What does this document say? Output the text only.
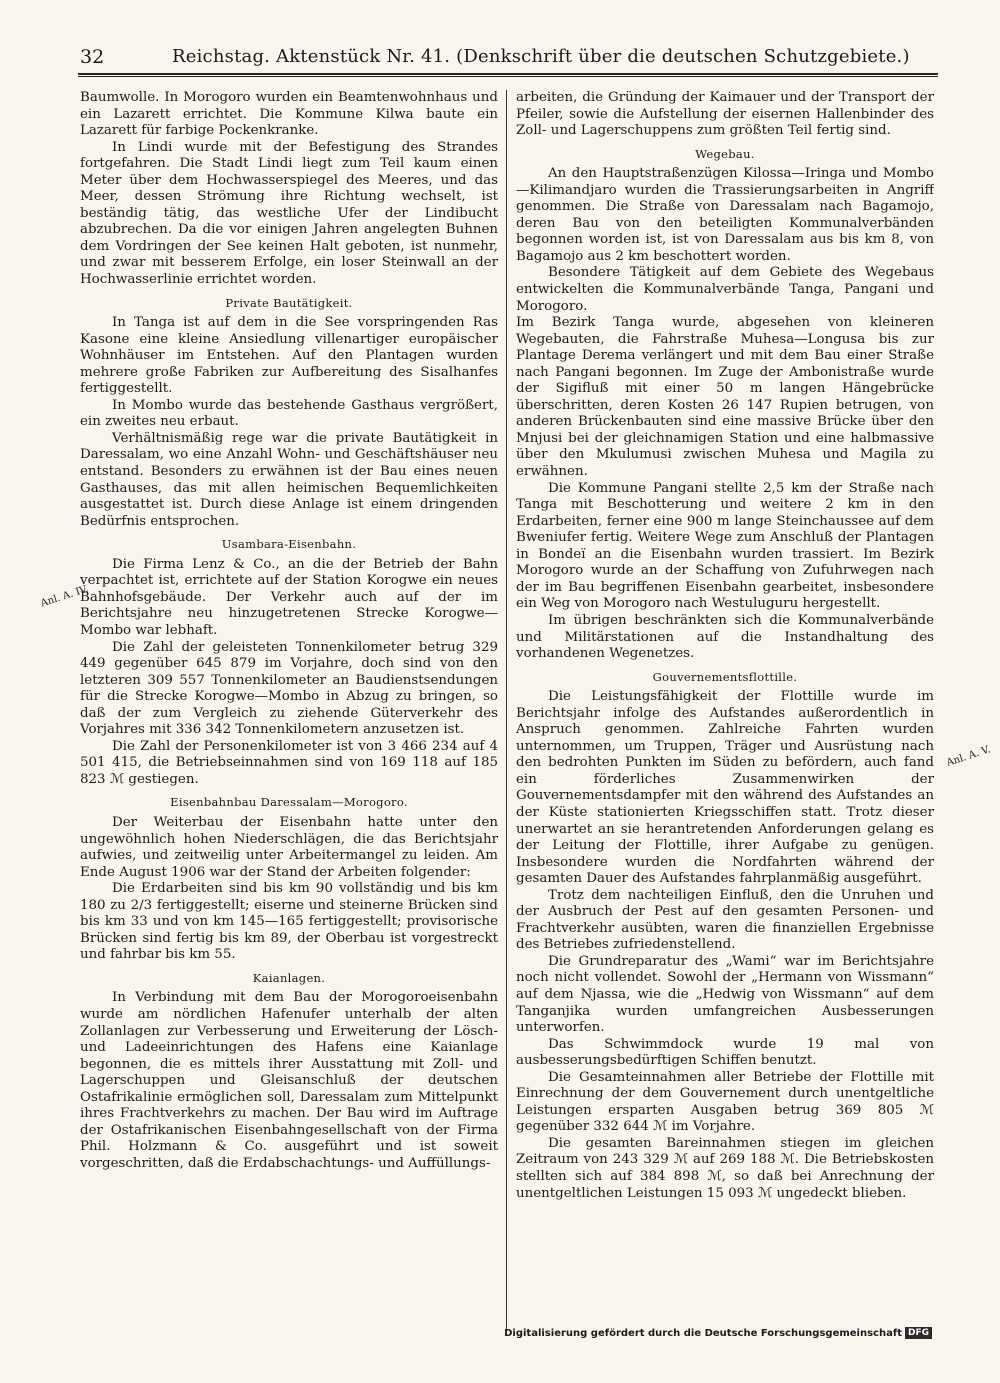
32	Reichstag. Aktenstück Nr. 41. (Denkschrift über die deutschen Schutzgebiete.)
Anl. A. IV.
Anl. A. V.

Baumwolle. In Morogoro wurden ein Beamtenwohnhaus und ein Lazarett errichtet. Die Kommune Kilwa baute ein Lazarett für farbige Pockenkranke.

In Lindi wurde mit der Befestigung des Strandes fortgefahren. Die Stadt Lindi liegt zum Teil kaum einen Meter über dem Hochwasserspiegel des Meeres, und das Meer, dessen Strömung ihre Richtung wechselt, ist beständig tätig, das westliche Ufer der Lindibucht abzubrechen. Da die vor einigen Jahren angelegten Buhnen dem Vordringen der See keinen Halt geboten, ist nunmehr, und zwar mit besserem Erfolge, ein loser Steinwall an der Hochwasserlinie errichtet worden.

Private Bautätigkeit.

In Tanga ist auf dem in die See vorspringenden Ras Kasone eine kleine Ansiedlung villenartiger europäischer Wohnhäuser im Entstehen. Auf den Plantagen wurden mehrere große Fabriken zur Aufbereitung des Sisalhanfes fertiggestellt.

In Mombo wurde das bestehende Gasthaus vergrößert, ein zweites neu erbaut.

Verhältnismäßig rege war die private Bautätigkeit in Daressalam, wo eine Anzahl Wohn- und Geschäftshäuser neu entstand. Besonders zu erwähnen ist der Bau eines neuen Gasthauses, das mit allen heimischen Bequemlichkeiten ausgestattet ist. Durch diese Anlage ist einem dringenden Bedürfnis entsprochen.

Usambara-Eisenbahn.

Die Firma Lenz & Co., an die der Betrieb der Bahn verpachtet ist, errichtete auf der Station Korogwe ein neues Bahnhofsgebäude. Der Verkehr auch auf der im Berichtsjahre neu hinzugetretenen Strecke Korogwe—Mombo war lebhaft.

Die Zahl der geleisteten Tonnenkilometer betrug 329 449 gegenüber 645 879 im Vorjahre, doch sind von den letzteren 309 557 Tonnenkilometer an Baudienstsendungen für die Strecke Korogwe—Mombo in Abzug zu bringen, so daß der zum Vergleich zu ziehende Güterverkehr des Vorjahres mit 336 342 Tonnenkilometern anzusetzen ist.

Die Zahl der Personenkilometer ist von 3 466 234 auf 4 501 415, die Betriebseinnahmen sind von 169 118 auf 185 823 ℳ gestiegen.

Eisenbahnbau Daressalam—Morogoro.

Der Weiterbau der Eisenbahn hatte unter den ungewöhnlich hohen Niederschlägen, die das Berichtsjahr aufwies, und zeitweilig unter Arbeitermangel zu leiden. Am Ende August 1906 war der Stand der Arbeiten folgender:

Die Erdarbeiten sind bis km 90 vollständig und bis km 180 zu 2/3 fertiggestellt; eiserne und steinerne Brücken sind bis km 33 und von km 145—165 fertiggestellt; provisorische Brücken sind fertig bis km 89, der Oberbau ist vorgestreckt und fahrbar bis km 55.

Kaianlagen.

In Verbindung mit dem Bau der Morogoroeisenbahn wurde am nördlichen Hafenufer unterhalb der alten Zollanlagen zur Verbesserung und Erweiterung der Lösch- und Ladeeinrichtungen des Hafens eine Kaianlage begonnen, die es mittels ihrer Ausstattung mit Zoll- und Lagerschuppen und Gleisanschluß der deutschen Ostafrikalinie ermöglichen soll, Daressalam zum Mittelpunkt ihres Frachtverkehrs zu machen. Der Bau wird im Auftrage der Ostafrikanischen Eisenbahngesellschaft von der Firma Phil. Holzmann & Co. ausgeführt und ist soweit vorgeschritten, daß die Erdabschachtungs- und Auffüllungs-

arbeiten, die Gründung der Kaimauer und der Transport der Pfeiler, sowie die Aufstellung der eisernen Hallenbinder des Zoll- und Lagerschuppens zum größten Teil fertig sind.

Wegebau.

An den Hauptstraßenzügen Kilossa—Iringa und Mombo—Kilimandjaro wurden die Trassierungsarbeiten in Angriff genommen. Die Straße von Daressalam nach Bagamojo, deren Bau von den beteiligten Kommunalverbänden begonnen worden ist, ist von Daressalam aus bis km 8, von Bagamojo aus 2 km beschottert worden.

Besondere Tätigkeit auf dem Gebiete des Wegebaus entwickelten die Kommunalverbände Tanga, Pangani und Morogoro.

Im Bezirk Tanga wurde, abgesehen von kleineren Wegebauten, die Fahrstraße Muhesa—Longusa bis zur Plantage Derema verlängert und mit dem Bau einer Straße nach Pangani begonnen. Im Zuge der Ambonistraße wurde der Sigifluß mit einer 50 m langen Hängebrücke überschritten, deren Kosten 26 147 Rupien betrugen, von anderen Brückenbauten sind eine massive Brücke über den Mnjusi bei der gleichnamigen Station und eine halbmassive über den Mkulumusi zwischen Muhesa und Magila zu erwähnen.

Die Kommune Pangani stellte 2,5 km der Straße nach Tanga mit Beschotterung und weitere 2 km in den Erdarbeiten, ferner eine 900 m lange Steinchaussee auf dem Bweniufer fertig. Weitere Wege zum Anschluß der Plantagen in Bondeï an die Eisenbahn wurden trassiert. Im Bezirk Morogoro wurde an der Schaffung von Zufuhrwegen nach der im Bau begriffenen Eisenbahn gearbeitet, insbesondere ein Weg von Morogoro nach Westuluguru hergestellt.

Im übrigen beschränkten sich die Kommunalverbände und Militärstationen auf die Instandhaltung des vorhandenen Wegenetzes.

Gouvernementsflottille.

Die Leistungsfähigkeit der Flottille wurde im Berichtsjahr infolge des Aufstandes außerordentlich in Anspruch genommen. Zahlreiche Fahrten wurden unternommen, um Truppen, Träger und Ausrüstung nach den bedrohten Punkten im Süden zu befördern, auch fand ein förderliches Zusammenwirken der Gouvernementsdampfer mit den während des Aufstandes an der Küste stationierten Kriegsschiffen statt. Trotz dieser unerwartet an sie herantretenden Anforderungen gelang es der Leitung der Flottille, ihrer Aufgabe zu genügen. Insbesondere wurden die Nordfahrten während der gesamten Dauer des Aufstandes fahrplanmäßig ausgeführt.

Trotz dem nachteiligen Einfluß, den die Unruhen und der Ausbruch der Pest auf den gesamten Personen- und Frachtverkehr ausübten, waren die finanziellen Ergebnisse des Betriebes zufriedenstellend.

Die Grundreparatur des „Wami“ war im Berichtsjahre noch nicht vollendet. Sowohl der „Hermann von Wissmann“ auf dem Njassa, wie die „Hedwig von Wissmann“ auf dem Tanganjika wurden umfangreichen Ausbesserungen unterworfen.

Das Schwimmdock wurde 19 mal von ausbesserungsbedürftigen Schiffen benutzt.

Die Gesamteinnahmen aller Betriebe der Flottille mit Einrechnung der dem Gouvernement durch unentgeltliche Leistungen ersparten Ausgaben betrug 369 805 ℳ gegenüber 332 644 ℳ im Vorjahre.

Die gesamten Bareinnahmen stiegen im gleichen Zeitraum von 243 329 ℳ auf 269 188 ℳ. Die Betriebskosten stellten sich auf 384 898 ℳ, so daß bei Anrechnung der unentgeltlichen Leistungen 15 093 ℳ ungedeckt blieben.

Digitalisierung gefördert durch die Deutsche Forschungsgemeinschaft DFG
